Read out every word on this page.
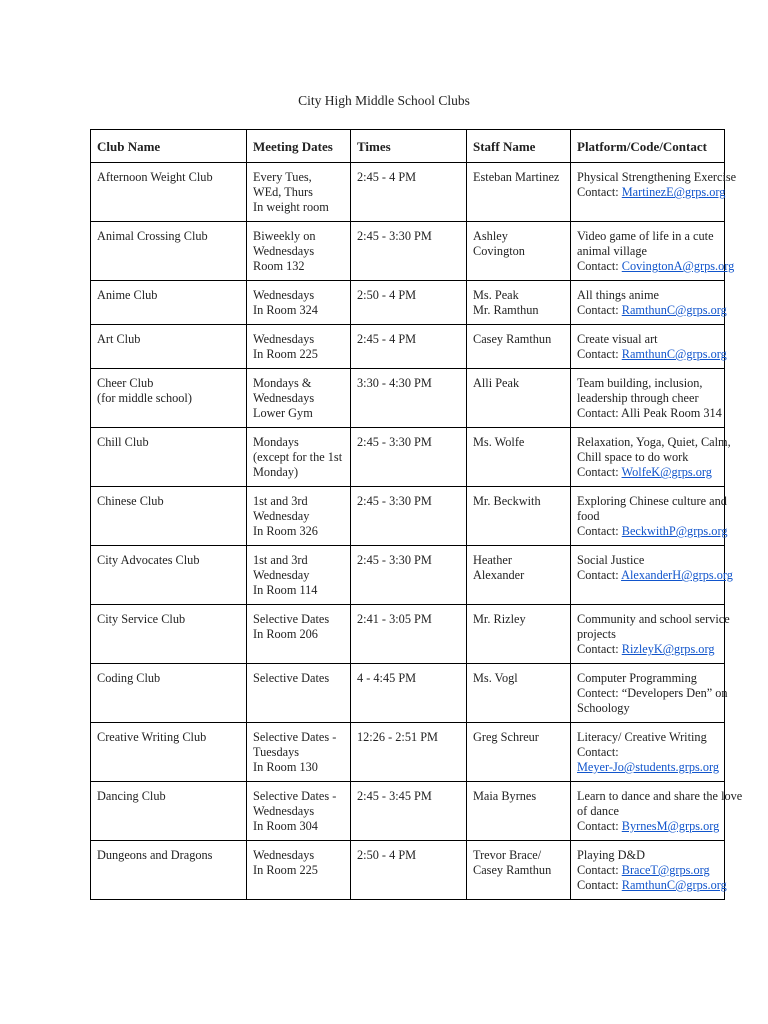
City High Middle School Clubs
Club Name	Meeting Dates	Times	Staff Name	Platform/Code/Contact

Afternoon Weight Club	Every Tues,
WEd, Thurs
In weight room	2:45 - 4 PM	Esteban Martinez	Physical Strengthening Exercise
Contact: MartinezE@grps.org

Animal Crossing Club	Biweekly on
Wednesdays
Room 132	2:45 - 3:30 PM	Ashley
Covington	Video game of life in a cute
animal village
Contact: CovingtonA@grps.org

Anime Club	Wednesdays
In Room 324	2:50 - 4 PM	Ms. Peak
Mr. Ramthun	All things anime
Contact: RamthunC@grps.org

Art Club	Wednesdays
In Room 225	2:45 - 4 PM	Casey Ramthun	Create visual art
Contact: RamthunC@grps.org

Cheer Club
(for middle school)	Mondays &
Wednesdays
Lower Gym	3:30 - 4:30 PM	Alli Peak	Team building, inclusion,
leadership through cheer
Contact: Alli Peak Room 314

Chill Club	Mondays
(except for the 1st
Monday)	2:45 - 3:30 PM	Ms. Wolfe	Relaxation, Yoga, Quiet, Calm,
Chill space to do work
Contact: WolfeK@grps.org

Chinese Club	1st and 3rd
Wednesday
In Room 326	2:45 - 3:30 PM	Mr. Beckwith	Exploring Chinese culture and
food
Contact: BeckwithP@grps.org

City Advocates Club	1st and 3rd
Wednesday
In Room 114	2:45 - 3:30 PM	Heather
Alexander	Social Justice
Contact: AlexanderH@grps.org

City Service Club	Selective Dates
In Room 206	2:41 - 3:05 PM	Mr. Rizley	Community and school service
projects
Contact: RizleyK@grps.org

Coding Club	Selective Dates	4 - 4:45 PM	Ms. Vogl	Computer Programming
Contect: “Developers Den” on
Schoology

Creative Writing Club	Selective Dates -
Tuesdays
In Room 130	12:26 - 2:51 PM	Greg Schreur	Literacy/ Creative Writing
Contact:
Meyer-Jo@students.grps.org

Dancing Club	Selective Dates -
Wednesdays
In Room 304	2:45 - 3:45 PM	Maia Byrnes	Learn to dance and share the love
of dance
Contact: ByrnesM@grps.org

Dungeons and Dragons	Wednesdays
In Room 225	2:50 - 4 PM	Trevor Brace/
Casey Ramthun	Playing D&D
Contact: BraceT@grps.org
Contact: RamthunC@grps.org
